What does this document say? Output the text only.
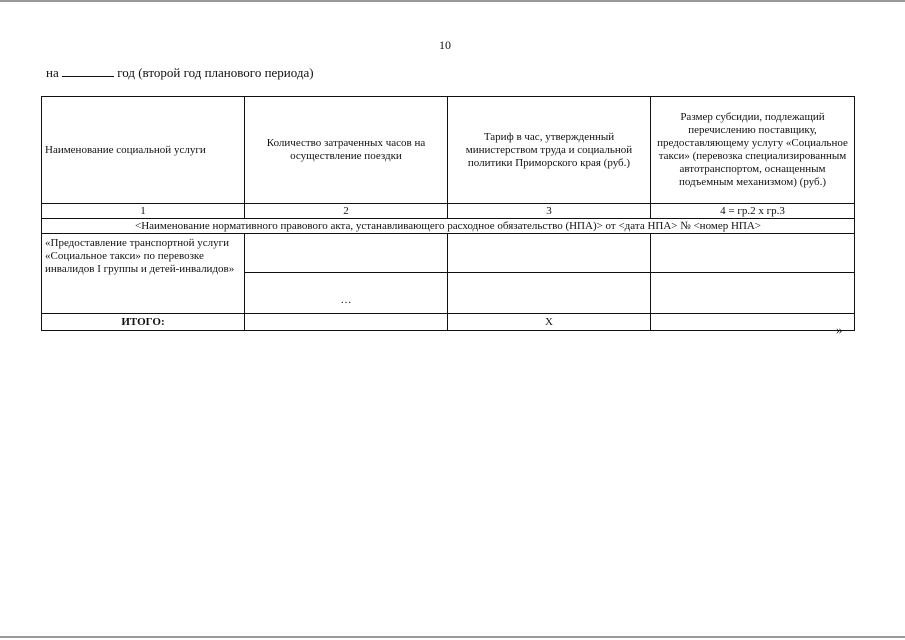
10
на	год (второй год планового периода)
Наименование социальной услуги	Количество затраченных часов на осуществление поездки	Тариф в час, утвержденный министерством труда и социальной политики Приморского края (руб.)	Размер субсидии, подлежащий перечислению поставщику, предоставляющему услугу «Социальное такси» (перевозка специализированным автотранспортом, оснащенным подъемным механизмом) (руб.)
1	2	3	4 = гр.2 х гр.3
<Наименование нормативного правового акта, устанавливающего расходное обязательство (НПА)> от <дата НПА> № <номер НПА>			
«Предоставление транспортной услуги «Социальное такси» по перевозке инвалидов I группы и детей-инвалидов»			
	…		
ИТОГО:		X		»
